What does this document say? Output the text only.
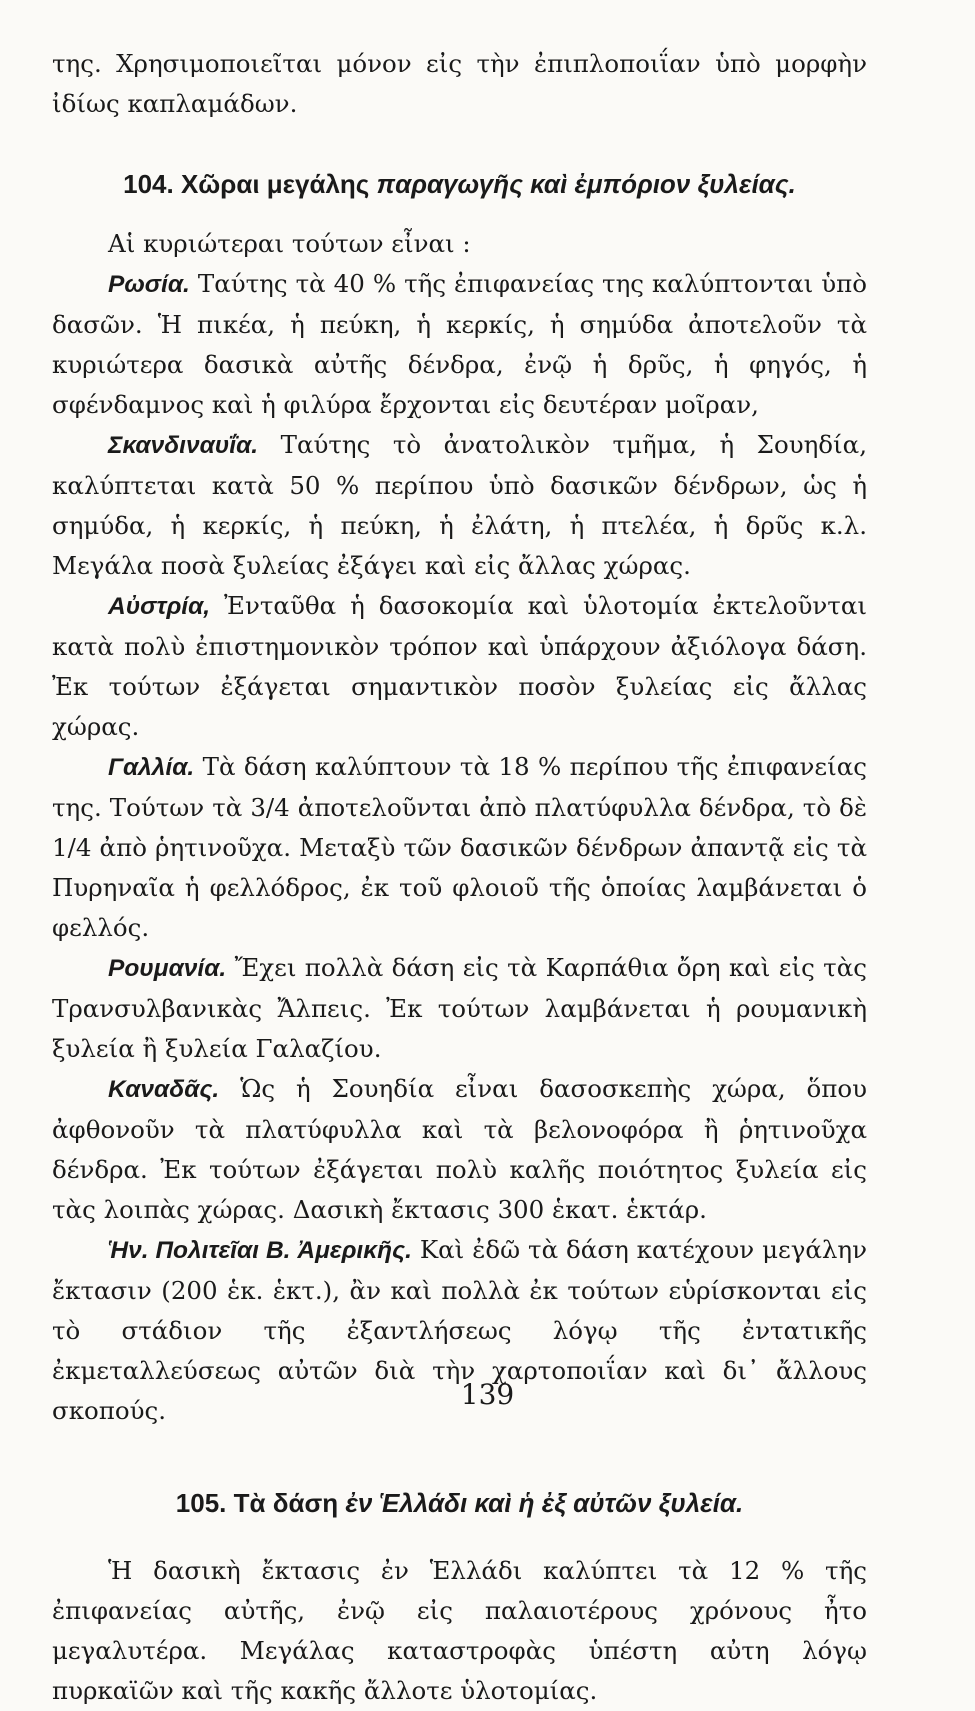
της. Χρησιμοποιεῖται μόνον εἰς τὴν ἐπιπλοποιΐαν ὑπὸ μορφὴν ἰδίως καπλαμάδων.

104. Χῶραι μεγάλης παραγωγῆς καὶ ἐμπόριον ξυλείας.

Αἱ κυριώτεραι τούτων εἶναι :

Ρωσία. Ταύτης τὰ 40 % τῆς ἐπιφανείας της καλύπτονται ὑπὸ δασῶν. Ἡ πικέα, ἡ πεύκη, ἡ κερκίς, ἡ σημύδα ἀποτελοῦν τὰ κυριώτερα δασικὰ αὐτῆς δένδρα, ἐνῷ ἡ δρῦς, ἡ φηγός, ἡ σφένδαμνος καὶ ἡ φιλύρα ἔρχονται εἰς δευτέραν μοῖραν,

Σκανδιναυΐα. Ταύτης τὸ ἀνατολικὸν τμῆμα, ἡ Σουηδία, καλύπτεται κατὰ 50 % περίπου ὑπὸ δασικῶν δένδρων, ὡς ἡ σημύδα, ἡ κερκίς, ἡ πεύκη, ἡ ἐλάτη, ἡ πτελέα, ἡ δρῦς κ.λ. Μεγάλα ποσὰ ξυλείας ἐξάγει καὶ εἰς ἄλλας χώρας.

Αὐστρία, Ἐνταῦθα ἡ δασοκομία καὶ ὑλοτομία ἐκτελοῦνται κατὰ πολὺ ἐπιστημονικὸν τρόπον καὶ ὑπάρχουν ἀξιόλογα δάση. Ἐκ τούτων ἐξάγεται σημαντικὸν ποσὸν ξυλείας εἰς ἄλλας χώρας.

Γαλλία. Τὰ δάση καλύπτουν τὰ 18 % περίπου τῆς ἐπιφανείας της. Τούτων τὰ 3/4 ἀποτελοῦνται ἀπὸ πλατύφυλλα δένδρα, τὸ δὲ 1/4 ἀπὸ ῥητινοῦχα. Μεταξὺ τῶν δασικῶν δένδρων ἀπαντᾷ εἰς τὰ Πυρηναῖα ἡ φελλόδρος, ἐκ τοῦ φλοιοῦ τῆς ὁποίας λαμβάνεται ὁ φελλός.

Ρουμανία. Ἔχει πολλὰ δάση εἰς τὰ Καρπάθια ὄρη καὶ εἰς τὰς Τρανσυλβανικὰς Ἄλπεις. Ἐκ τούτων λαμβάνεται ἡ ρουμανικὴ ξυλεία ἢ ξυλεία Γαλαζίου.

Καναδᾶς. Ὡς ἡ Σουηδία εἶναι δασοσκεπὴς χώρα, ὅπου ἀφθονοῦν τὰ πλατύφυλλα καὶ τὰ βελονοφόρα ἢ ῥητινοῦχα δένδρα. Ἐκ τούτων ἐξάγεται πολὺ καλῆς ποιότητος ξυλεία εἰς τὰς λοιπὰς χώρας. Δασικὴ ἔκτασις 300 ἑκατ. ἑκτάρ.

Ἡν. Πολιτεῖαι Β. Ἀμερικῆς. Καὶ ἐδῶ τὰ δάση κατέχουν μεγάλην ἔκτασιν (200 ἑκ. ἑκτ.), ἂν καὶ πολλὰ ἐκ τούτων εὑρίσκονται εἰς τὸ στάδιον τῆς ἐξαντλήσεως λόγῳ τῆς ἐντατικῆς ἐκμεταλλεύσεως αὐτῶν διὰ τὴν χαρτοποιΐαν καὶ δι᾽ ἄλλους σκοπούς.

105. Τὰ δάση ἐν Ἑλλάδι καὶ ἡ ἐξ αὐτῶν ξυλεία.

Ἡ δασικὴ ἔκτασις ἐν Ἑλλάδι καλύπτει τὰ 12 % τῆς ἐπιφανείας αὐτῆς, ἐνῷ εἰς παλαιοτέρους χρόνους ἦτο μεγαλυτέρα. Μεγάλας καταστροφὰς ὑπέστη αὐτη λόγῳ πυρκαϊῶν καὶ τῆς κακῆς ἄλλοτε ὑλοτομίας.

139
